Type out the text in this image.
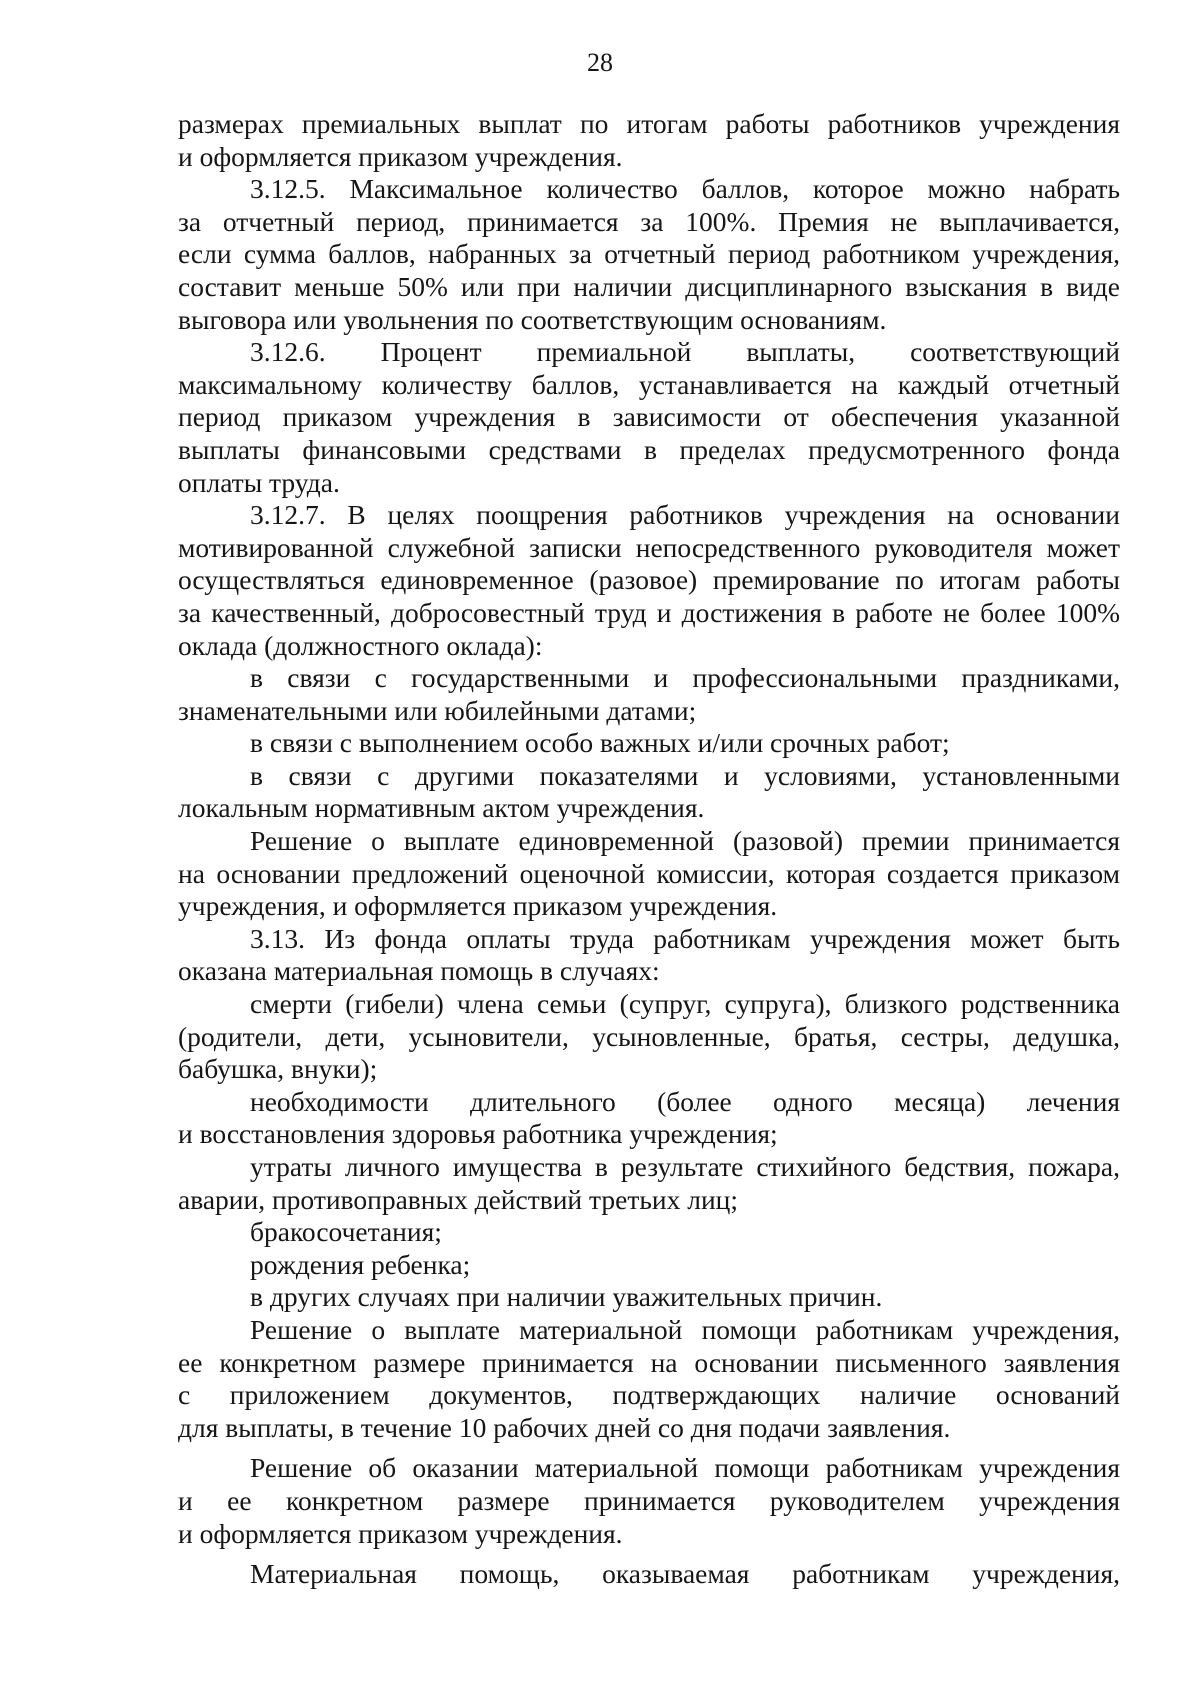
28
размерах премиальных выплат по итогам работы работников учреждения
и оформляется приказом учреждения.
3.12.5. Максимальное количество баллов, которое можно набрать
за отчетный период, принимается за 100%. Премия не выплачивается,
если сумма баллов, набранных за отчетный период работником учреждения,
составит меньше 50% или при наличии дисциплинарного взыскания в виде
выговора или увольнения по соответствующим основаниям.
3.12.6. Процент премиальной выплаты, соответствующий
максимальному количеству баллов, устанавливается на каждый отчетный
период приказом учреждения в зависимости от обеспечения указанной
выплаты финансовыми средствами в пределах предусмотренного фонда
оплаты труда.
3.12.7. В целях поощрения работников учреждения на основании
мотивированной служебной записки непосредственного руководителя может
осуществляться единовременное (разовое) премирование по итогам работы
за качественный, добросовестный труд и достижения в работе не более 100%
оклада (должностного оклада):
в связи с государственными и профессиональными праздниками,
знаменательными или юбилейными датами;
в связи с выполнением особо важных и/или срочных работ;
в связи с другими показателями и условиями, установленными
локальным нормативным актом учреждения.
Решение о выплате единовременной (разовой) премии принимается
на основании предложений оценочной комиссии, которая создается приказом
учреждения, и оформляется приказом учреждения.
3.13. Из фонда оплаты труда работникам учреждения может быть
оказана материальная помощь в случаях:
смерти (гибели) члена семьи (супруг, супруга), близкого родственника
(родители, дети, усыновители, усыновленные, братья, сестры, дедушка,
бабушка, внуки);
необходимости длительного (более одного месяца) лечения
и восстановления здоровья работника учреждения;
утраты личного имущества в результате стихийного бедствия, пожара,
аварии, противоправных действий третьих лиц;
бракосочетания;
рождения ребенка;
в других случаях при наличии уважительных причин.
Решение о выплате материальной помощи работникам учреждения,
ее конкретном размере принимается на основании письменного заявления
с приложением документов, подтверждающих наличие оснований
для выплаты, в течение 10 рабочих дней со дня подачи заявления.
Решение об оказании материальной помощи работникам учреждения
и ее конкретном размере принимается руководителем учреждения
и оформляется приказом учреждения.
Материальная помощь, оказываемая работникам учреждения,
